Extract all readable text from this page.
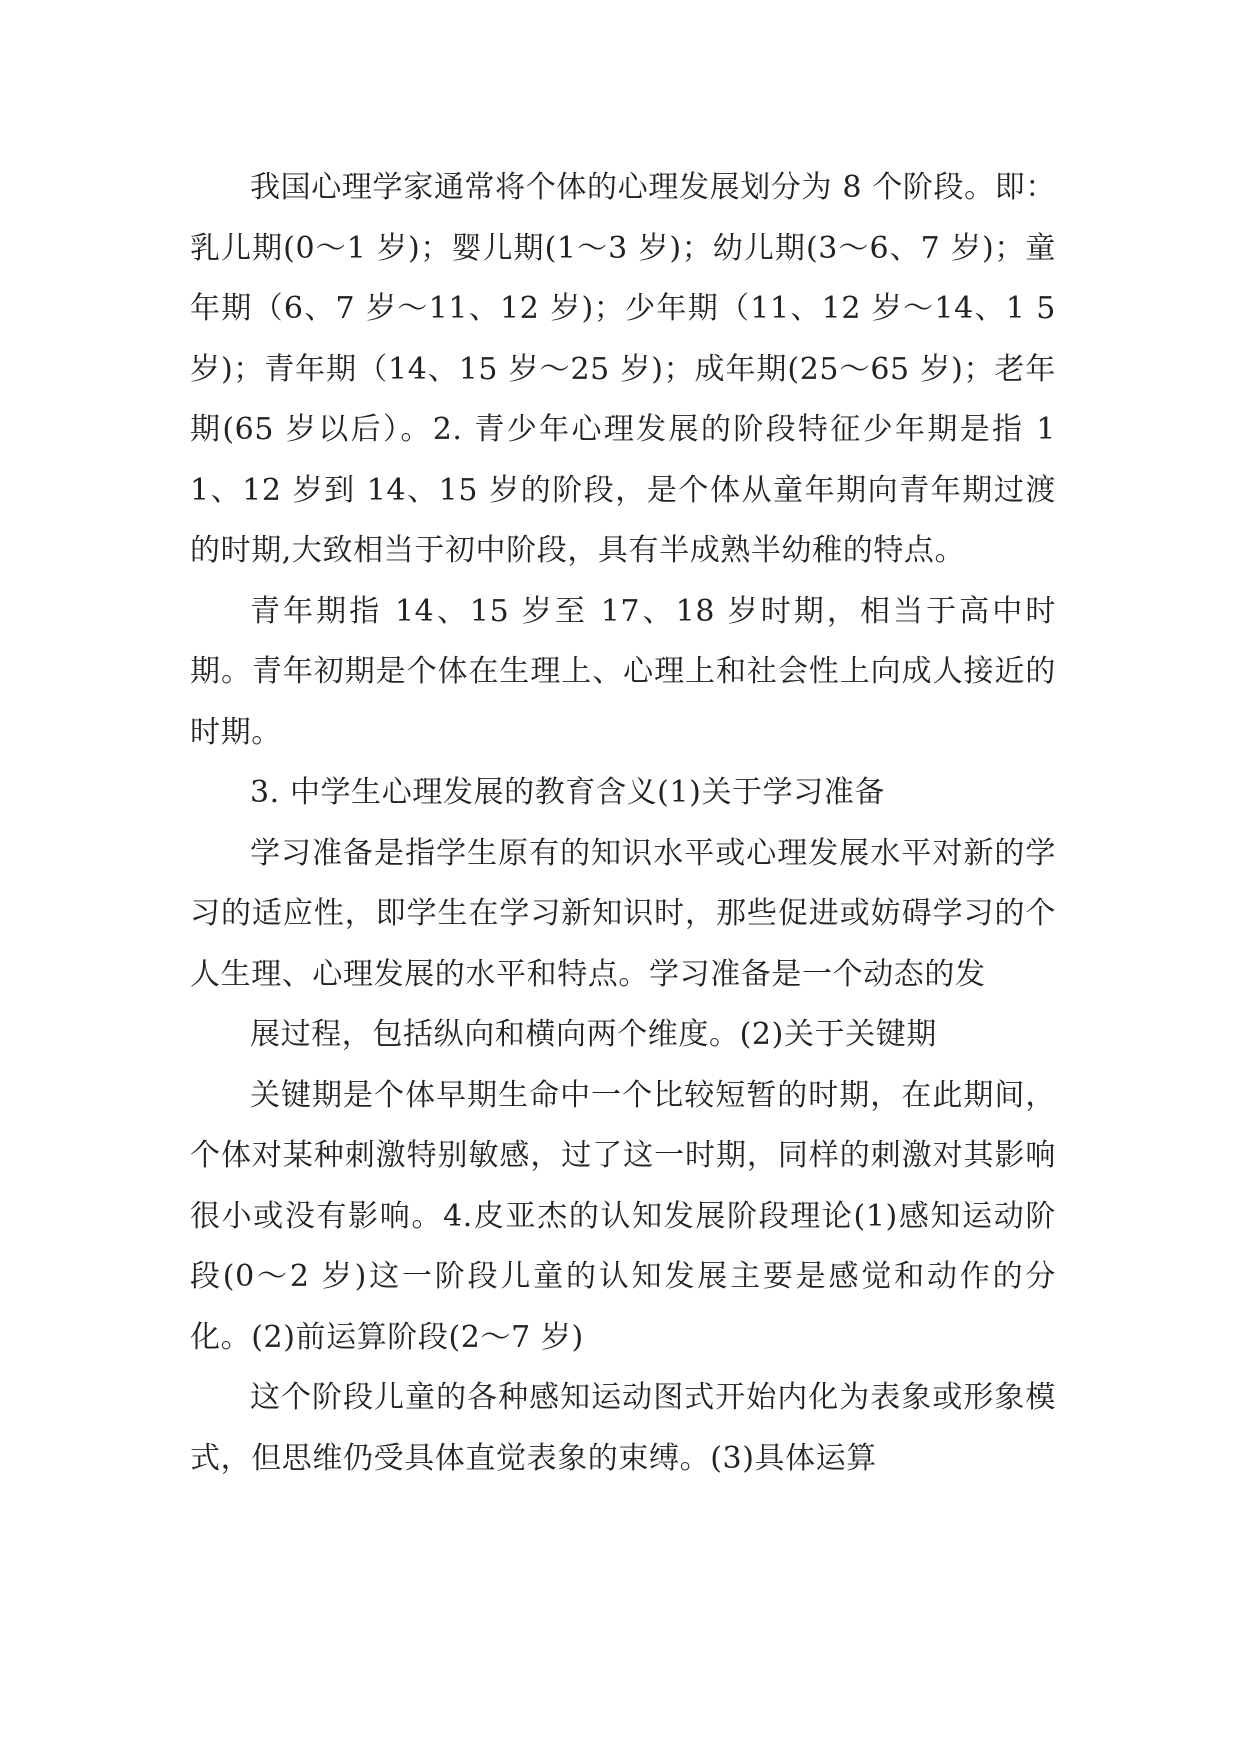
我国心理学家通常将个体的心理发展划分为 8 个阶段。即：乳儿期(0～1 岁)；婴儿期(1～3 岁)；幼儿期(3～6、7 岁)；童年期（6、7 岁～11、12 岁)；少年期（11、12 岁～14、1 5 岁)；青年期（14、15 岁～25 岁)；成年期(25～65 岁)；老年期(65 岁以后）。2. 青少年心理发展的阶段特征少年期是指 11、12 岁到 14、15 岁的阶段，是个体从童年期向青年期过渡的时期,大致相当于初中阶段，具有半成熟半幼稚的特点。

青年期指 14、15 岁至 17、18 岁时期，相当于高中时期。青年初期是个体在生理上、心理上和社会性上向成人接近的时期。

3. 中学生心理发展的教育含义(1)关于学习准备

学习准备是指学生原有的知识水平或心理发展水平对新的学习的适应性，即学生在学习新知识时，那些促进或妨碍学习的个人生理、心理发展的水平和特点。学习准备是一个动态的发

展过程，包括纵向和横向两个维度。(2)关于关键期

关键期是个体早期生命中一个比较短暂的时期，在此期间，个体对某种刺激特别敏感，过了这一时期，同样的刺激对其影响很小或没有影响。4.皮亚杰的认知发展阶段理论(1)感知运动阶段(0～2 岁)这一阶段儿童的认知发展主要是感觉和动作的分化。(2)前运算阶段(2～7 岁)

这个阶段儿童的各种感知运动图式开始内化为表象或形象模式，但思维仍受具体直觉表象的束缚。(3)具体运算
